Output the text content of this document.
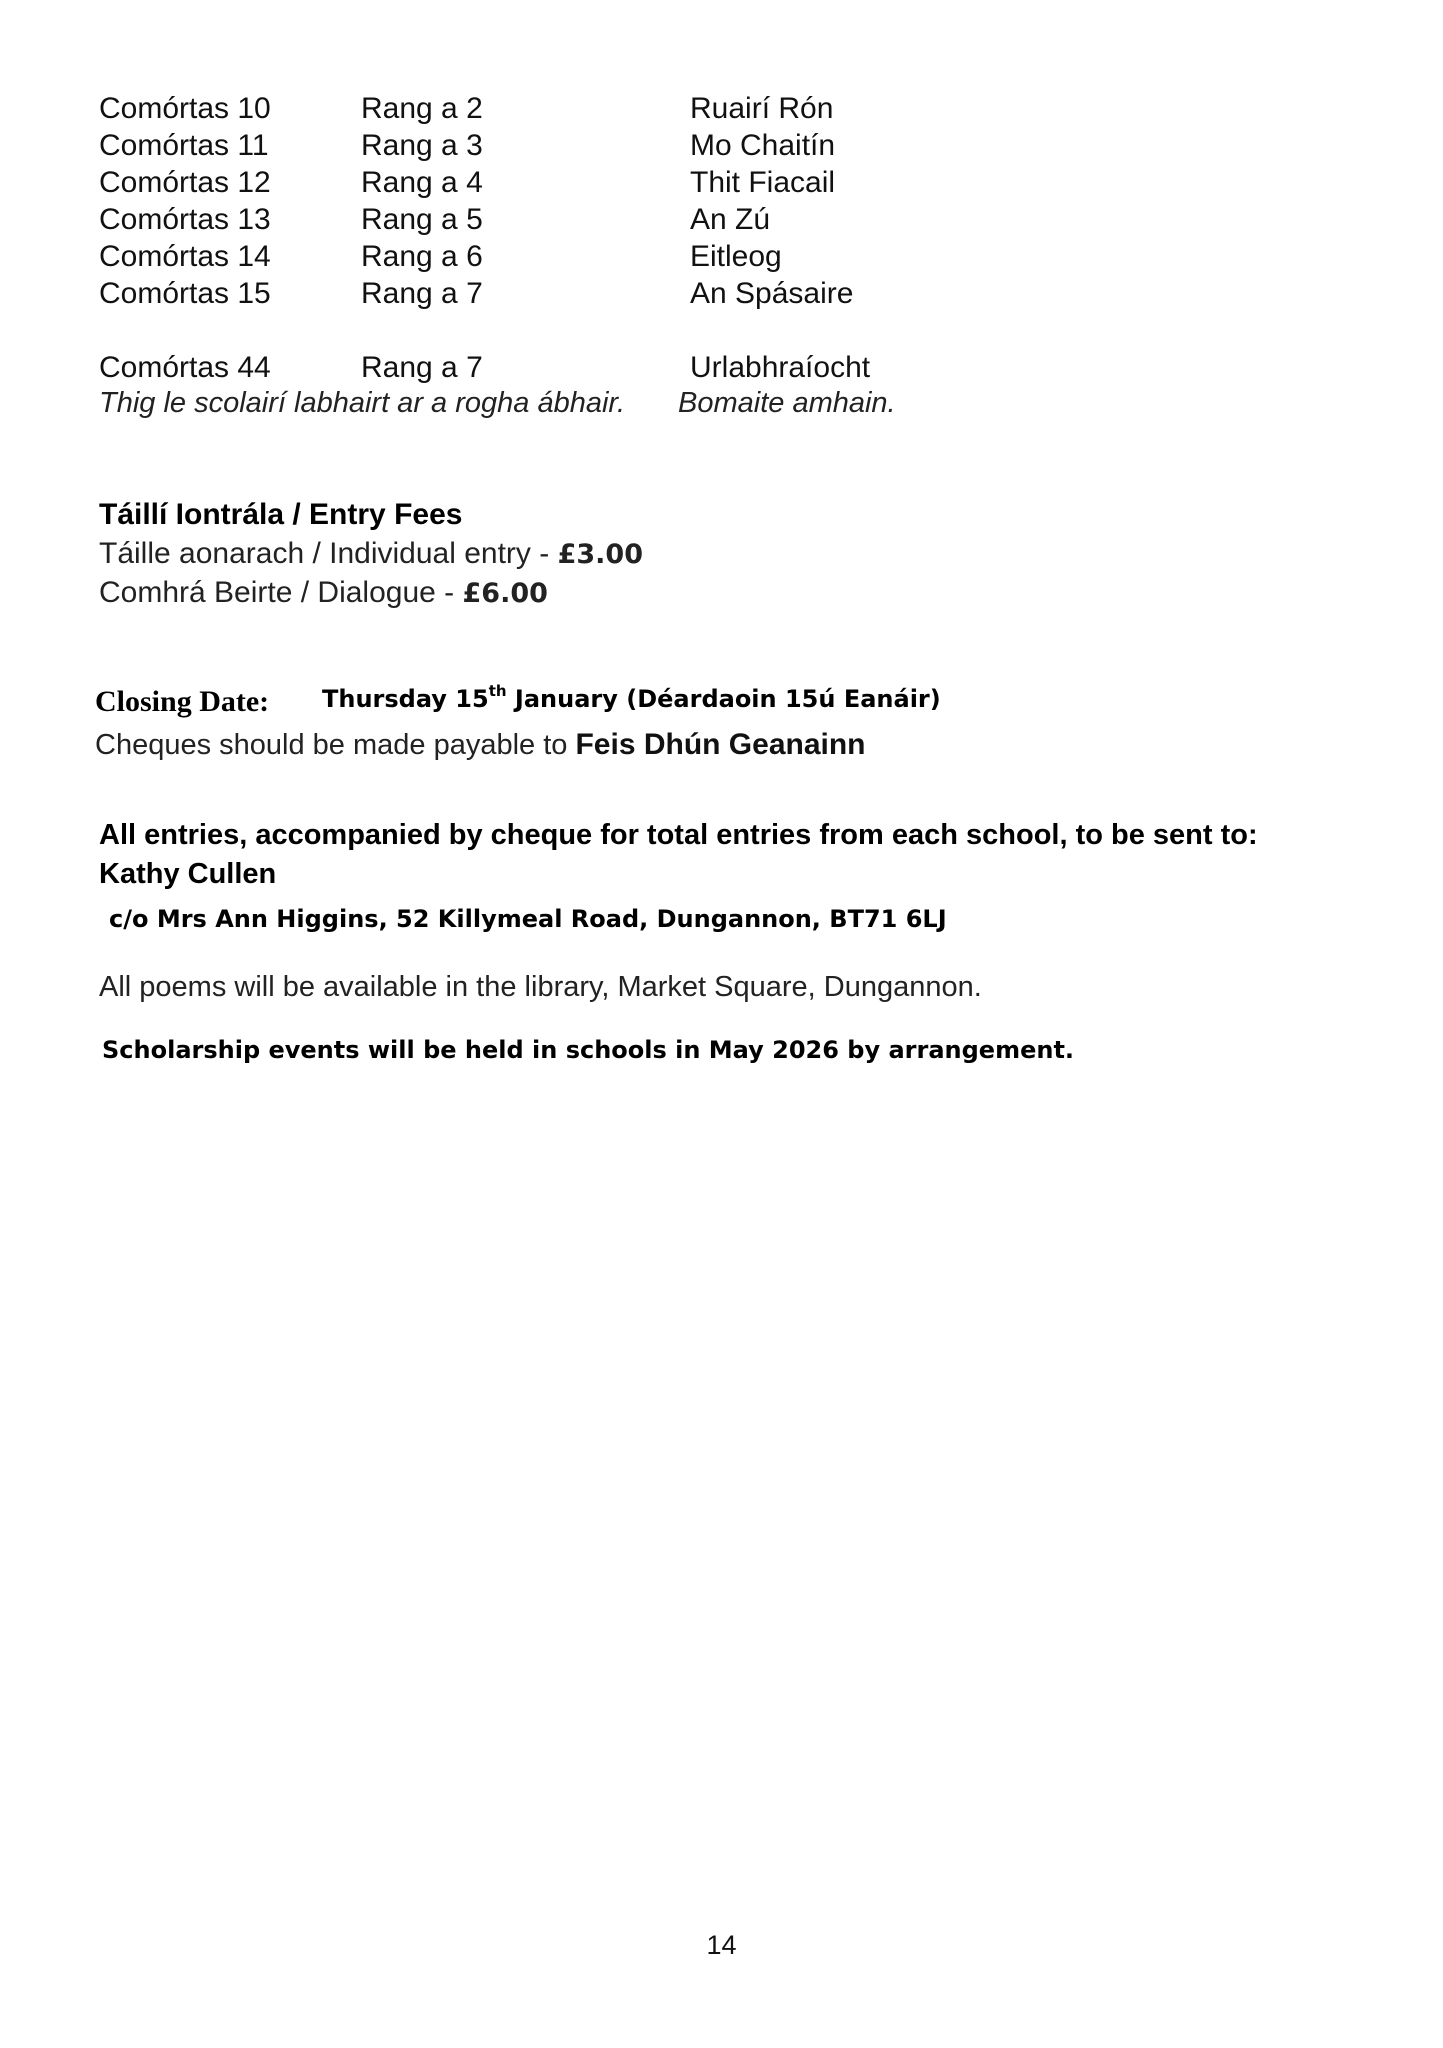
Comórtas 10	Rang a 2	Ruairí Rón
Comórtas 11	Rang a 3	Mo Chaitín
Comórtas 12	Rang a 4	Thit Fiacail
Comórtas 13	Rang a 5	An Zú
Comórtas 14	Rang a 6	Eitleog
Comórtas 15	Rang a 7	An Spásaire
Comórtas 44	Rang a 7	Urlabhraíocht
Thig le scolairí labhairt ar a rogha ábhair. Bomaite amhain.
Táillí Iontrála / Entry Fees
Táille aonarach / Individual entry - £3.00
Comhrá Beirte / Dialogue - £6.00
Closing Date: Thursday 15th January (Déardaoin 15ú Eanáir)
Cheques should be made payable to Feis Dhún Geanainn
All entries, accompanied by cheque for total entries from each school, to be sent to:
Kathy Cullen
c/o Mrs Ann Higgins, 52 Killymeal Road, Dungannon, BT71 6LJ
All poems will be available in the library, Market Square, Dungannon.
Scholarship events will be held in schools in May 2026 by arrangement.
14
